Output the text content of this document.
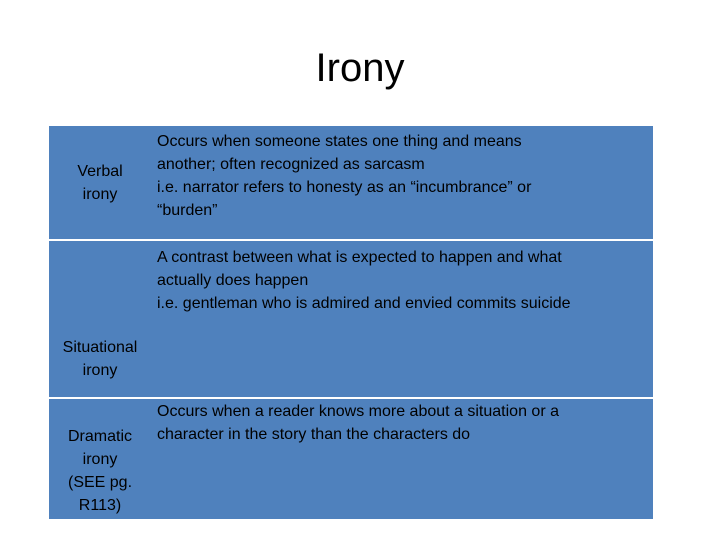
Irony
Verbal
irony
Occurs when someone states one thing and means
another; often recognized as sarcasm
i.e. narrator refers to honesty as an “incumbrance” or
“burden”
A contrast between what is expected to happen and what
actually does happen
i.e. gentleman who is admired and envied commits suicide
Situational
irony
Dramatic
irony
(SEE pg.
R113)
Occurs when a reader knows more about a situation or a
character in the story than the characters do
